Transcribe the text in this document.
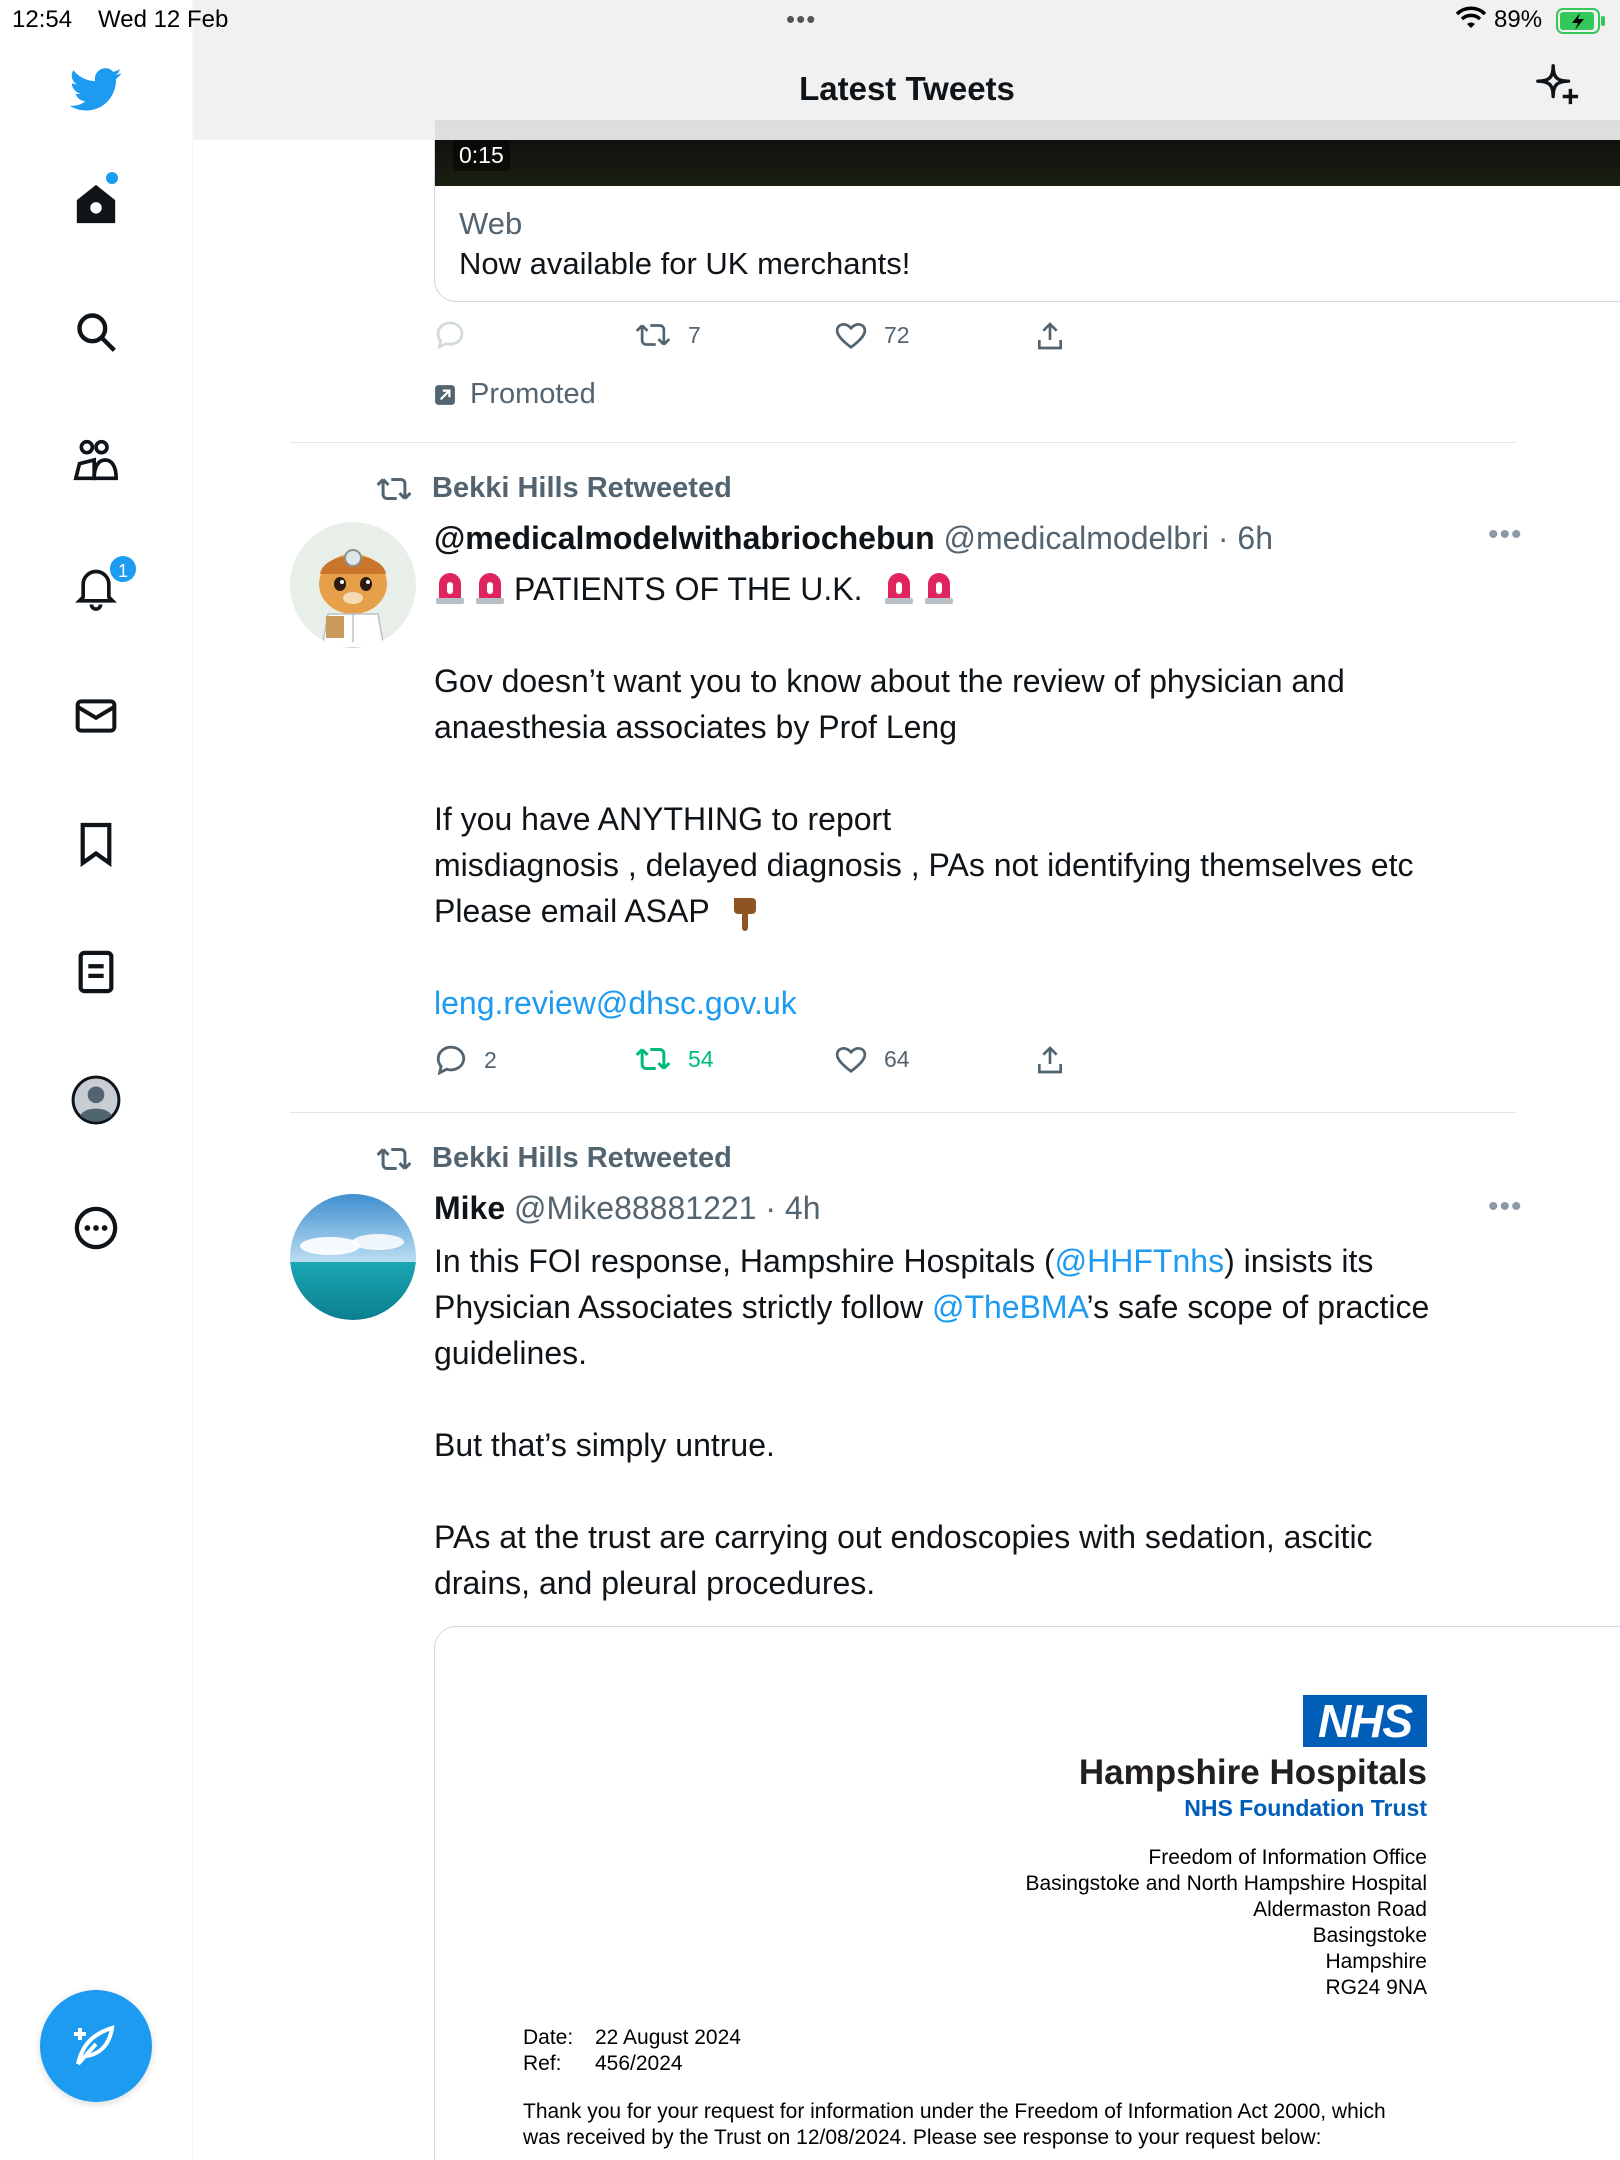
12:54 Wed 12 Feb	•••	89%
1
0:15
Web
Now available for UK merchants!
7	72
Promoted
Bekki Hills Retweeted
@medicalmodelwithabriochebun @medicalmodelbri · 6h	•••
PATIENTS OF THE U.K.
Gov doesn’t want you to know about the review of physician and
anaesthesia associates by Prof Leng
If you have ANYTHING to report
misdiagnosis , delayed diagnosis , PAs not identifying themselves etc
Please email ASAP
leng.review@dhsc.gov.uk
2	54	64
Bekki Hills Retweeted
Mike @Mike88881221 · 4h	•••
In this FOI response, Hampshire Hospitals (@HHFTnhs) insists its
Physician Associates strictly follow @TheBMA’s safe scope of practice
guidelines.
But that’s simply untrue.
PAs at the trust are carrying out endoscopies with sedation, ascitic
drains, and pleural procedures.
NHS
Hampshire Hospitals
NHS Foundation Trust
Freedom of Information Office
Basingstoke and North Hampshire Hospital
Aldermaston Road
Basingstoke
Hampshire
RG24 9NA
Date: 22 August 2024
Ref: 456/2024
Thank you for your request for information under the Freedom of Information Act 2000, which
was received by the Trust on 12/08/2024. Please see response to your request below:
Latest Tweets
